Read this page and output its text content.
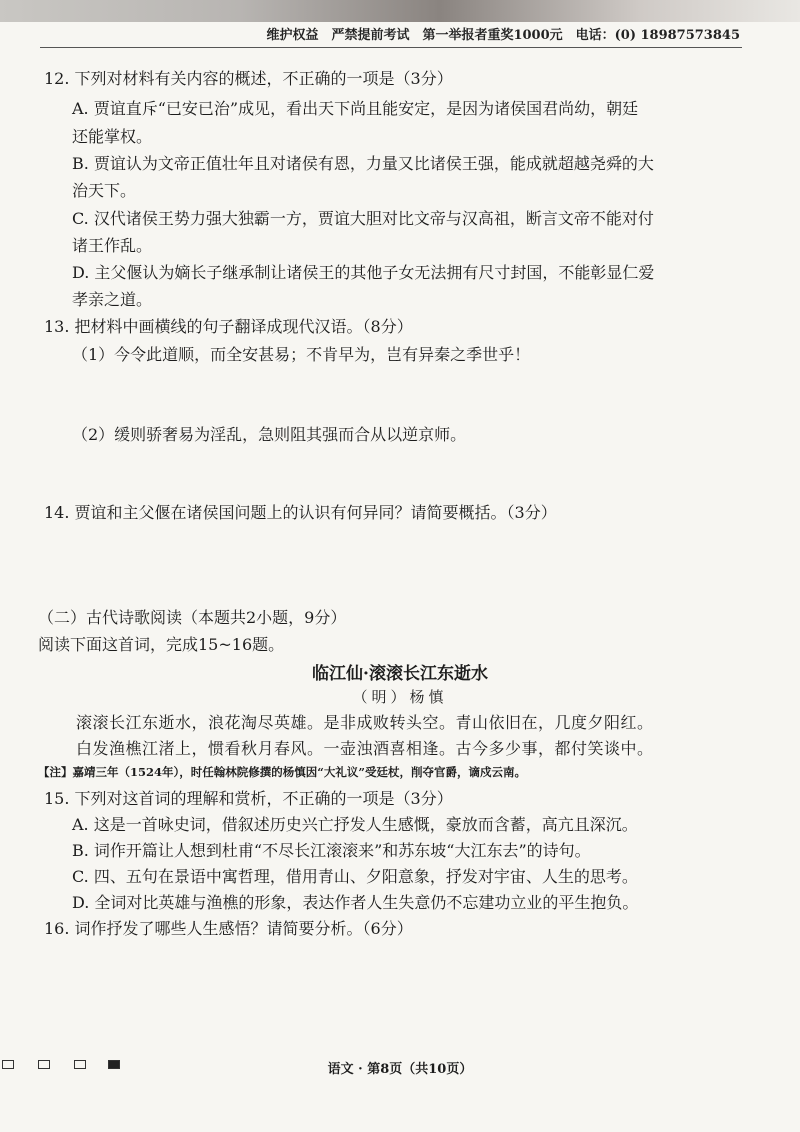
维护权益　严禁提前考试　第一举报者重奖1000元　电话：(0) 18987573845
12. 下列对材料有关内容的概述，不正确的一项是（3分）
A. 贾谊直斥“已安已治”成见，看出天下尚且能安定，是因为诸侯国君尚幼，朝廷
还能掌权。
B. 贾谊认为文帝正值壮年且对诸侯有恩，力量又比诸侯王强，能成就超越尧舜的大
治天下。
C. 汉代诸侯王势力强大独霸一方，贾谊大胆对比文帝与汉高祖，断言文帝不能对付
诸王作乱。
D. 主父偃认为嫡长子继承制让诸侯王的其他子女无法拥有尺寸封国，不能彰显仁爱
孝亲之道。
13. 把材料中画横线的句子翻译成现代汉语。（8分）
（1）今令此道顺，而全安甚易；不肯早为，岂有异秦之季世乎！
（2）缓则骄奢易为淫乱，急则阻其强而合从以逆京师。
14. 贾谊和主父偃在诸侯国问题上的认识有何异同？请简要概括。（3分）
（二）古代诗歌阅读（本题共2小题，9分）
阅读下面这首词，完成15~16题。
临江仙·滚滚长江东逝水
（明）杨慎
滚滚长江东逝水，浪花淘尽英雄。是非成败转头空。青山依旧在，几度夕阳红。
白发渔樵江渚上，惯看秋月春风。一壶浊酒喜相逢。古今多少事，都付笑谈中。
【注】嘉靖三年（1524年），时任翰林院修撰的杨慎因“大礼议”受廷杖，削夺官爵，谪戍云南。
15. 下列对这首词的理解和赏析，不正确的一项是（3分）
A. 这是一首咏史词，借叙述历史兴亡抒发人生感慨，豪放而含蓄，高亢且深沉。
B. 词作开篇让人想到杜甫“不尽长江滚滚来”和苏东坡“大江东去”的诗句。
C. 四、五句在景语中寓哲理，借用青山、夕阳意象，抒发对宇宙、人生的思考。
D. 全词对比英雄与渔樵的形象，表达作者人生失意仍不忘建功立业的平生抱负。
16. 词作抒发了哪些人生感悟？请简要分析。（6分）
语文 · 第8页（共10页）
